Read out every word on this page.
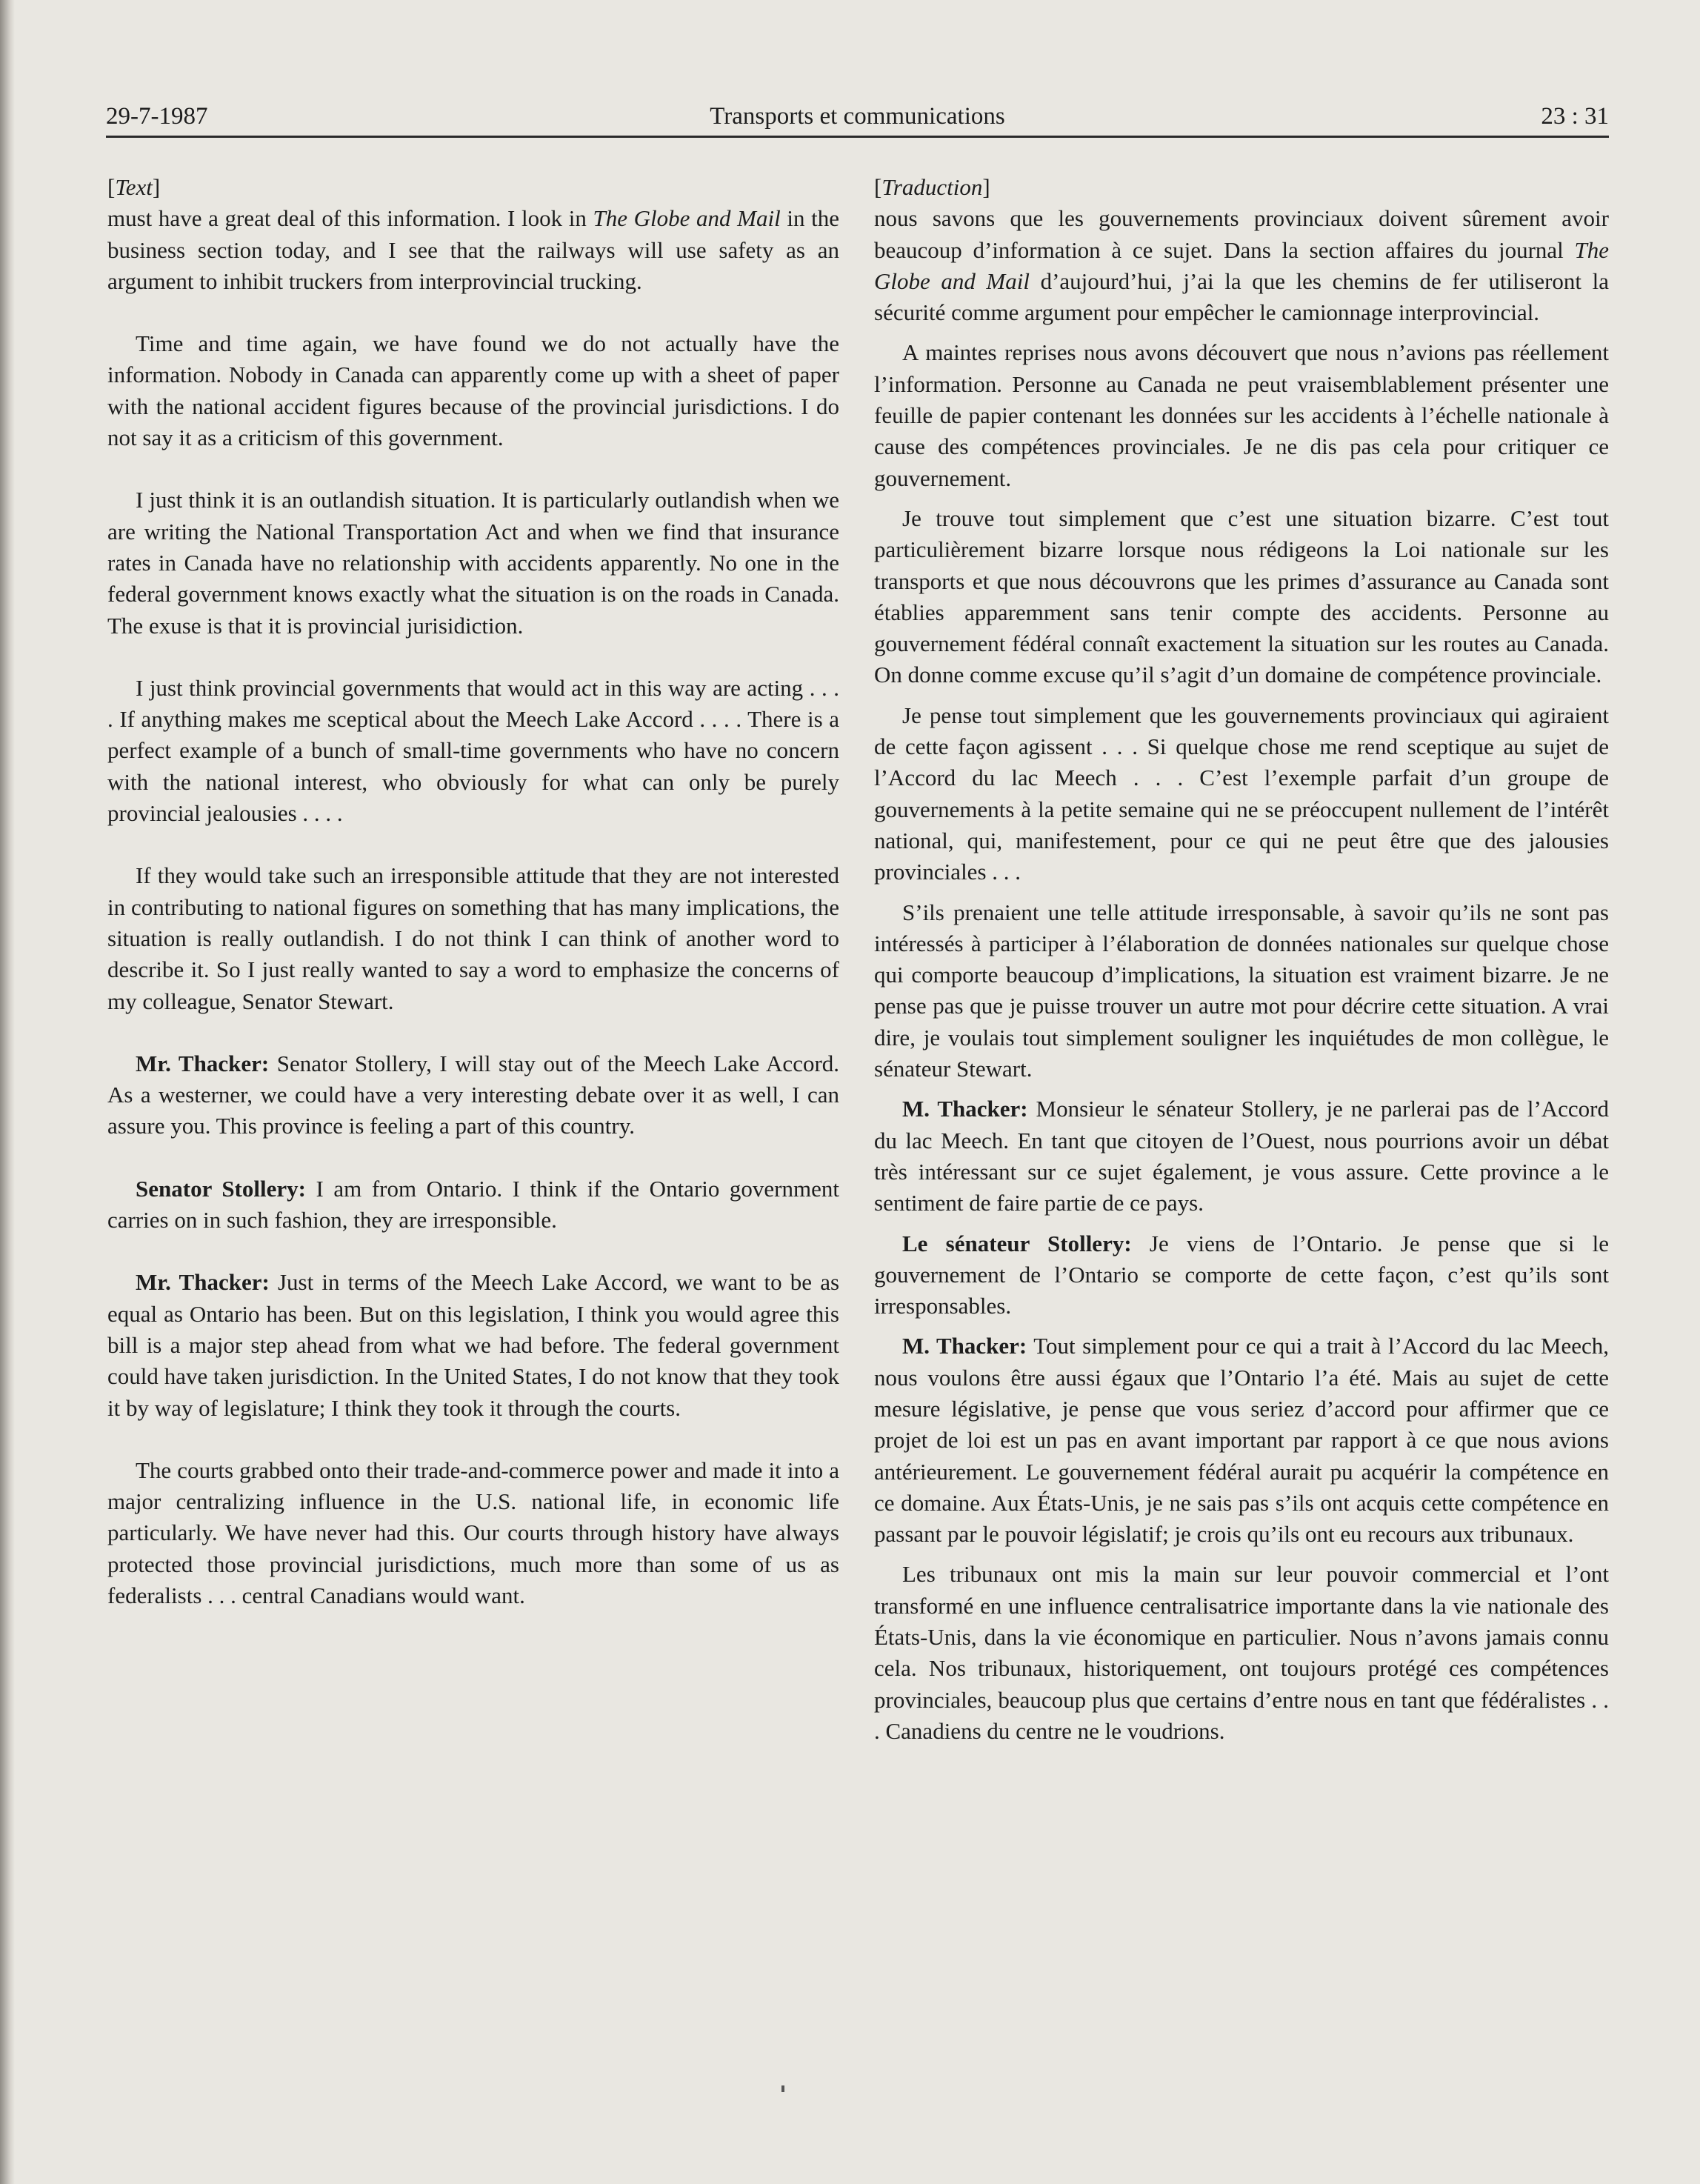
29-7-1987	Transports et communications	23 : 31
[Text]

must have a great deal of this information. I look in The Globe and Mail in the business section today, and I see that the railways will use safety as an argument to inhibit truckers from interprovincial trucking.

Time and time again, we have found we do not actually have the information. Nobody in Canada can apparently come up with a sheet of paper with the national accident figures because of the provincial jurisdictions. I do not say it as a criticism of this government.

I just think it is an outlandish situation. It is particularly outlandish when we are writing the National Transportation Act and when we find that insurance rates in Canada have no relationship with accidents apparently. No one in the federal government knows exactly what the situation is on the roads in Canada. The exuse is that it is provincial jurisidiction.

I just think provincial governments that would act in this way are acting . . . . If anything makes me sceptical about the Meech Lake Accord . . . . There is a perfect example of a bunch of small-time governments who have no concern with the national interest, who obviously for what can only be purely provincial jealousies . . . .

If they would take such an irresponsible attitude that they are not interested in contributing to national figures on something that has many implications, the situation is really outlandish. I do not think I can think of another word to describe it. So I just really wanted to say a word to emphasize the concerns of my colleague, Senator Stewart.

Mr. Thacker: Senator Stollery, I will stay out of the Meech Lake Accord. As a westerner, we could have a very interesting debate over it as well, I can assure you. This province is feeling a part of this country.

Senator Stollery: I am from Ontario. I think if the Ontario government carries on in such fashion, they are irresponsible.

Mr. Thacker: Just in terms of the Meech Lake Accord, we want to be as equal as Ontario has been. But on this legislation, I think you would agree this bill is a major step ahead from what we had before. The federal government could have taken jurisdiction. In the United States, I do not know that they took it by way of legislature; I think they took it through the courts.

The courts grabbed onto their trade-and-commerce power and made it into a major centralizing influence in the U.S. national life, in economic life particularly. We have never had this. Our courts through history have always protected those provincial jurisdictions, much more than some of us as federalists . . . central Canadians would want.

[Traduction]

nous savons que les gouvernements provinciaux doivent sûrement avoir beaucoup d’information à ce sujet. Dans la section affaires du journal The Globe and Mail d’aujourd’hui, j’ai la que les chemins de fer utiliseront la sécurité comme argument pour empêcher le camionnage interprovincial.

A maintes reprises nous avons découvert que nous n’avions pas réellement l’information. Personne au Canada ne peut vraisemblablement présenter une feuille de papier contenant les données sur les accidents à l’échelle nationale à cause des compétences provinciales. Je ne dis pas cela pour critiquer ce gouvernement.

Je trouve tout simplement que c’est une situation bizarre. C’est tout particulièrement bizarre lorsque nous rédigeons la Loi nationale sur les transports et que nous découvrons que les primes d’assurance au Canada sont établies apparemment sans tenir compte des accidents. Personne au gouvernement fédéral connaît exactement la situation sur les routes au Canada. On donne comme excuse qu’il s’agit d’un domaine de compétence provinciale.

Je pense tout simplement que les gouvernements provinciaux qui agiraient de cette façon agissent . . . Si quelque chose me rend sceptique au sujet de l’Accord du lac Meech . . . C’est l’exemple parfait d’un groupe de gouvernements à la petite semaine qui ne se préoccupent nullement de l’intérêt national, qui, manifestement, pour ce qui ne peut être que des jalousies provinciales . . .

S’ils prenaient une telle attitude irresponsable, à savoir qu’ils ne sont pas intéressés à participer à l’élaboration de données nationales sur quelque chose qui comporte beaucoup d’implications, la situation est vraiment bizarre. Je ne pense pas que je puisse trouver un autre mot pour décrire cette situation. A vrai dire, je voulais tout simplement souligner les inquiétudes de mon collègue, le sénateur Stewart.

M. Thacker: Monsieur le sénateur Stollery, je ne parlerai pas de l’Accord du lac Meech. En tant que citoyen de l’Ouest, nous pourrions avoir un débat très intéressant sur ce sujet également, je vous assure. Cette province a le sentiment de faire partie de ce pays.

Le sénateur Stollery: Je viens de l’Ontario. Je pense que si le gouvernement de l’Ontario se comporte de cette façon, c’est qu’ils sont irresponsables.

M. Thacker: Tout simplement pour ce qui a trait à l’Accord du lac Meech, nous voulons être aussi égaux que l’Ontario l’a été. Mais au sujet de cette mesure législative, je pense que vous seriez d’accord pour affirmer que ce projet de loi est un pas en avant important par rapport à ce que nous avions antérieurement. Le gouvernement fédéral aurait pu acquérir la compétence en ce domaine. Aux États-Unis, je ne sais pas s’ils ont acquis cette compétence en passant par le pouvoir législatif; je crois qu’ils ont eu recours aux tribunaux.

Les tribunaux ont mis la main sur leur pouvoir commercial et l’ont transformé en une influence centralisatrice importante dans la vie nationale des États-Unis, dans la vie économique en particulier. Nous n’avons jamais connu cela. Nos tribunaux, historiquement, ont toujours protégé ces compétences provinciales, beaucoup plus que certains d’entre nous en tant que fédéralistes . . . Canadiens du centre ne le voudrions.
